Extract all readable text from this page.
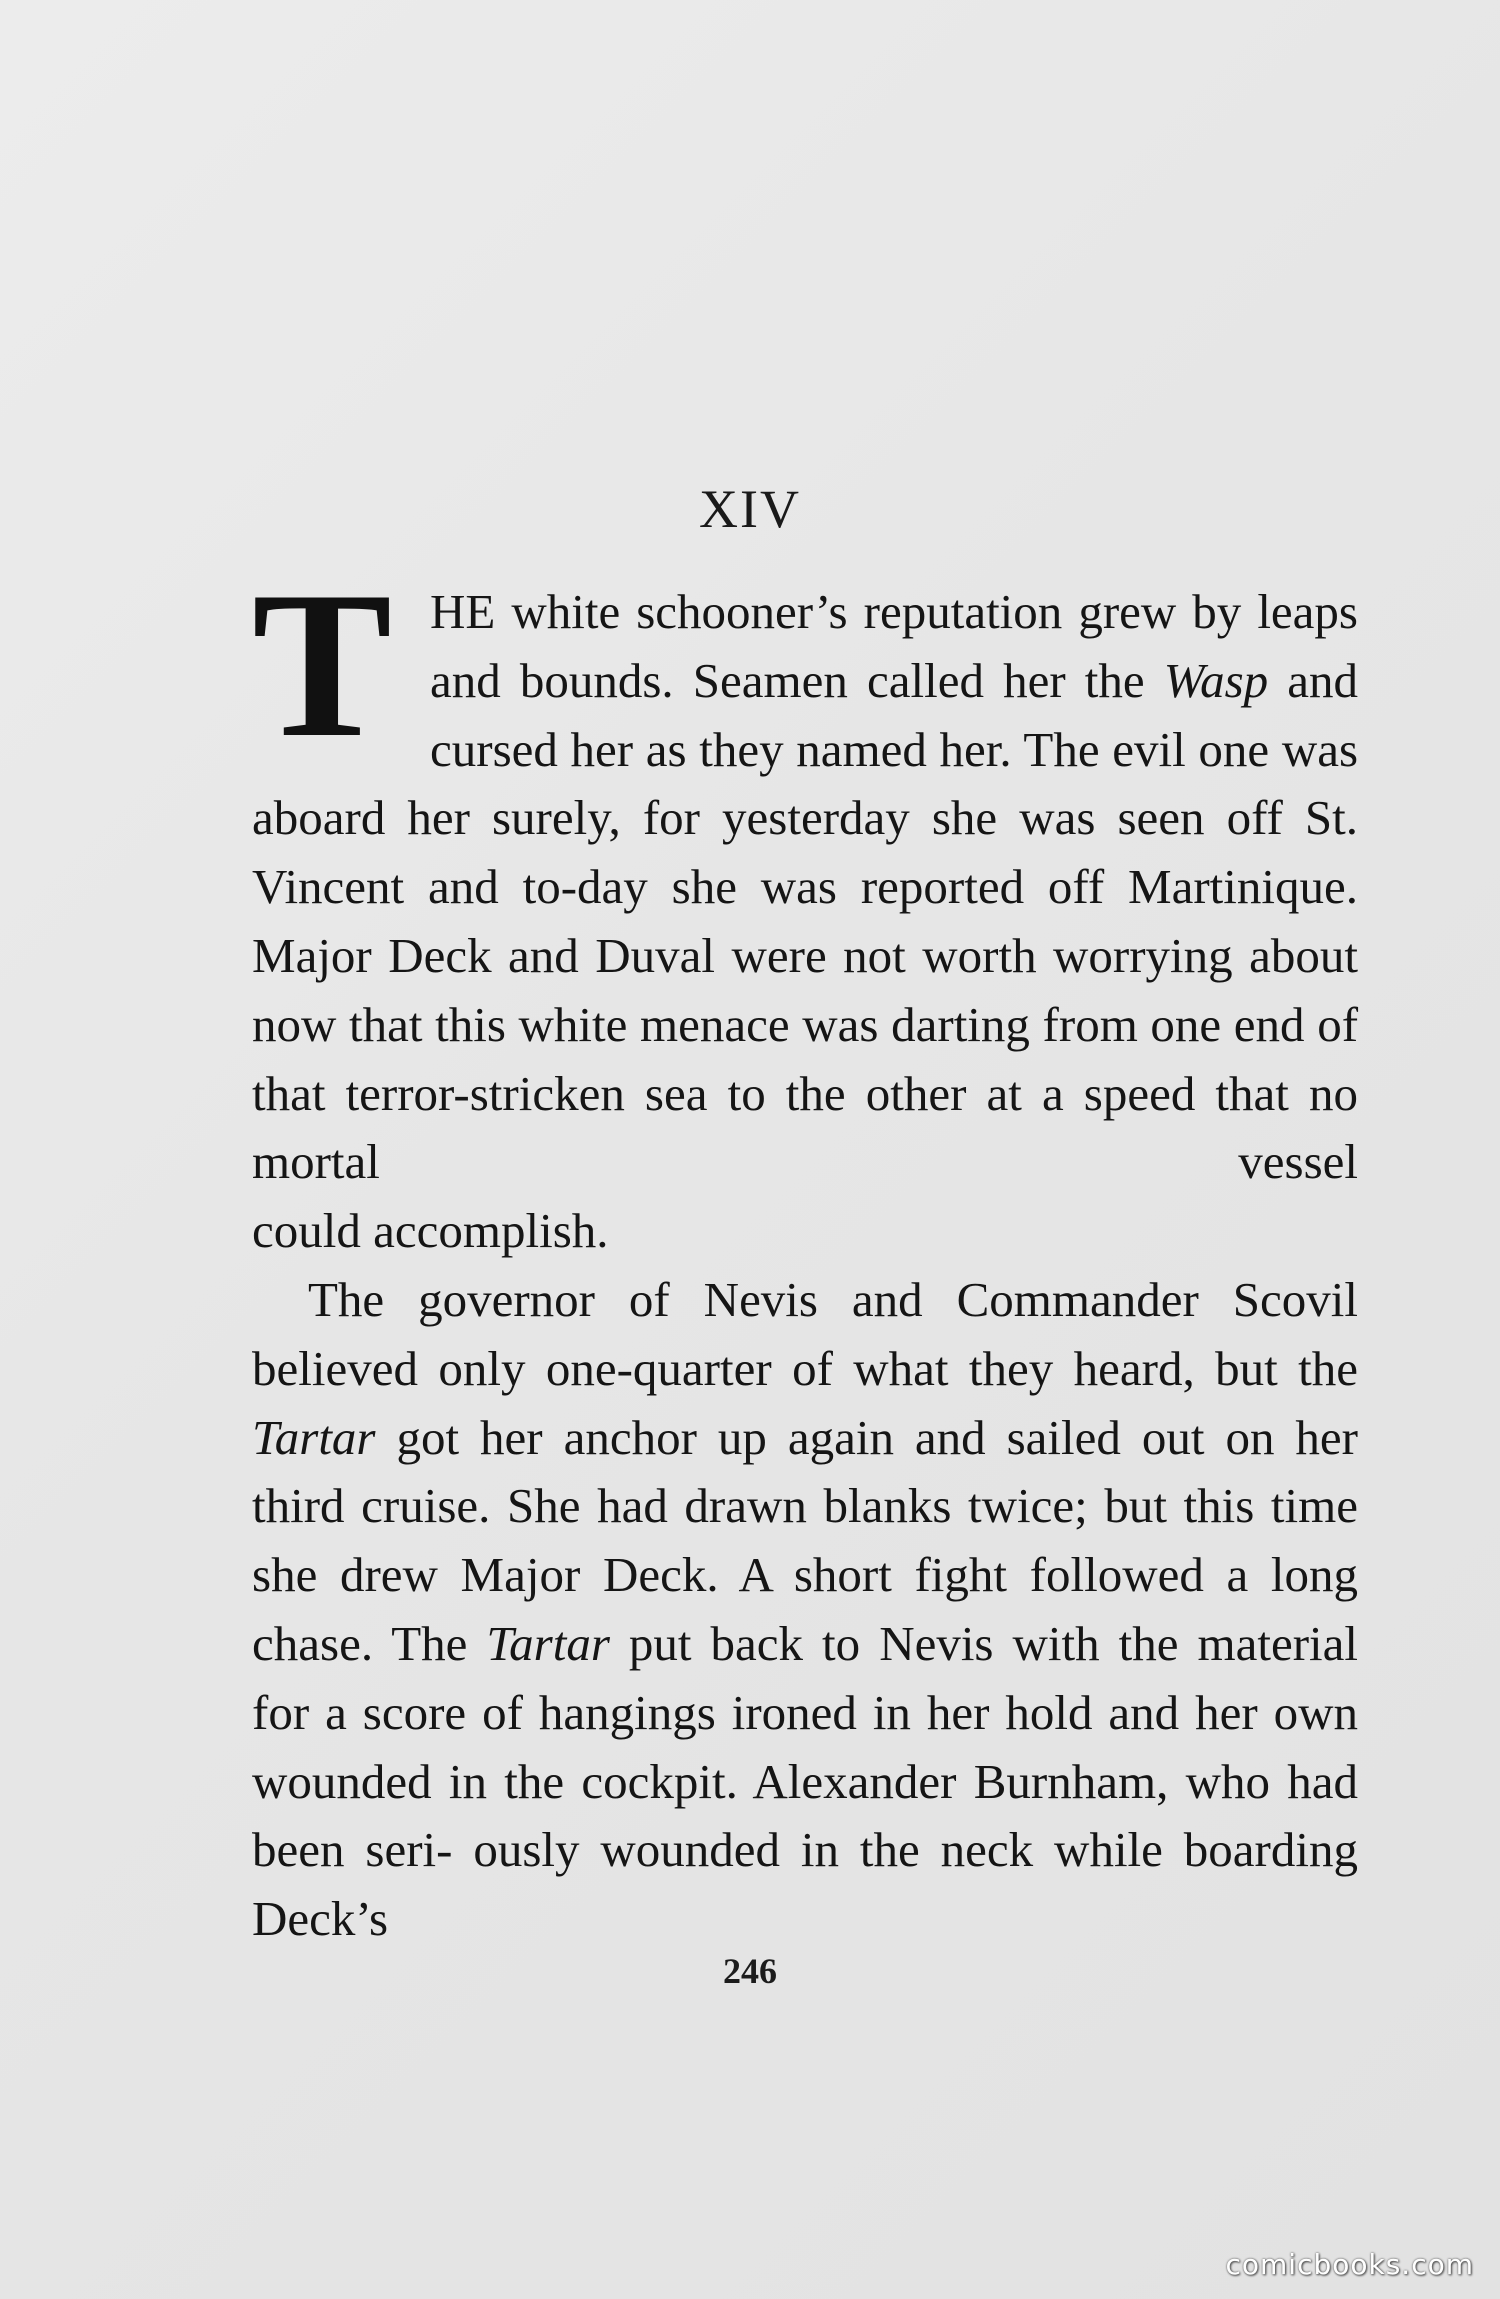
XIV
T HE white schooner’s reputation grew by leaps and bounds. Seamen called her the Wasp and cursed her as they named her. The evil one was aboard her surely, for yesterday she was seen off St. Vincent and to-day she was reported off Martinique. Major Deck and Duval were not worth worrying about now that this white menace was darting from one end of that terror-stricken sea to the other at a speed that no mortal vessel

could accomplish.

The governor of Nevis and Commander Scovil believed only one-quarter of what they heard, but the Tartar got her anchor up again and sailed out on her third cruise. She had drawn blanks twice; but this time she drew Major Deck. A short fight followed a long chase. The Tartar put back to Nevis with the material for a score of hangings ironed in her hold and her own wounded in the cockpit. Alexander Burnham, who had been seri- ously wounded in the neck while boarding Deck’s

246
comicbooks.com
